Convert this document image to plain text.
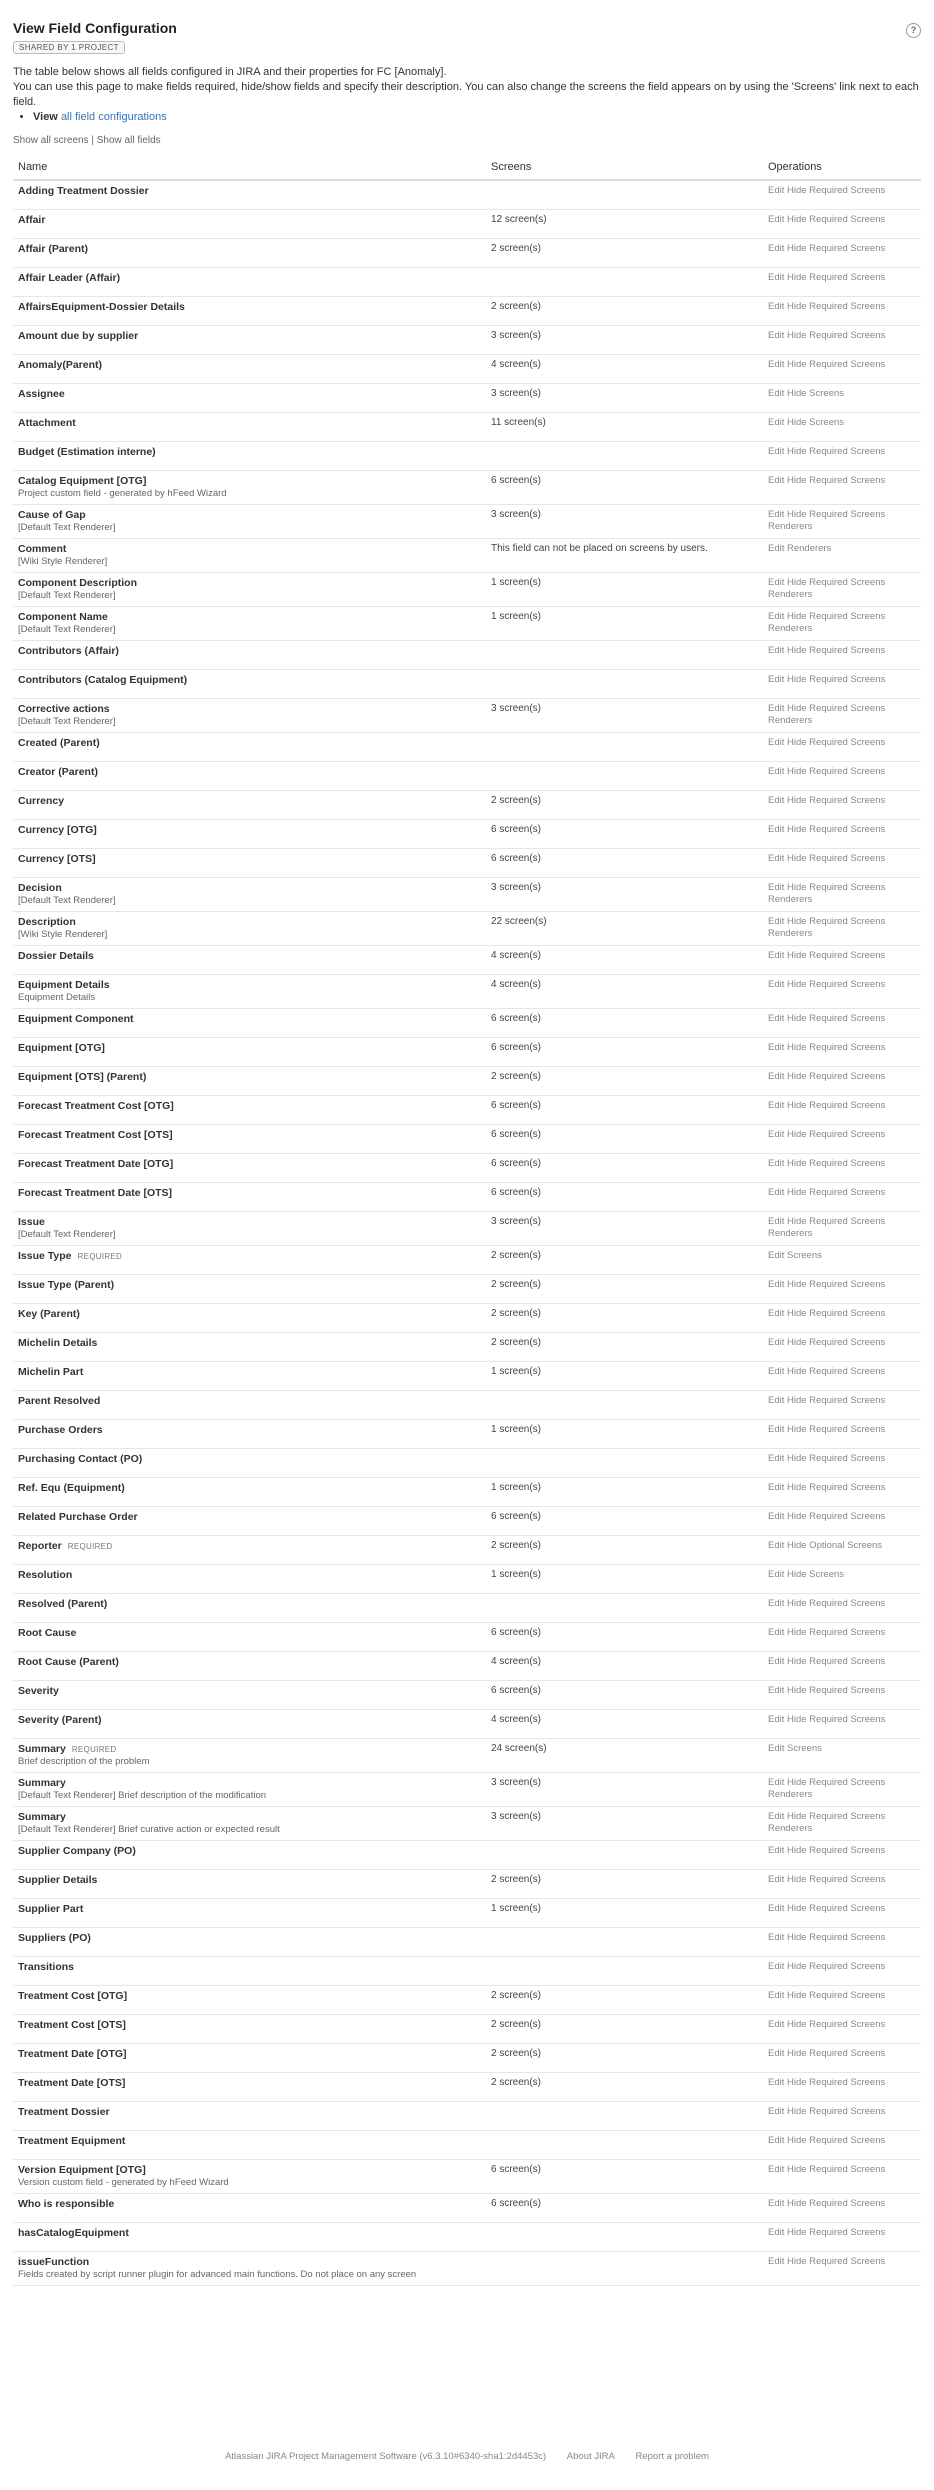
View Field Configuration	?
SHARED BY 1 PROJECT
The table below shows all fields configured in JIRA and their properties for FC [Anomaly].
You can use this page to make fields required, hide/show fields and specify their description. You can also change the screens the field appears on by using the 'Screens' link next to each field.
• View all field configurations
Show all screens | Show all fields
Name	Screens	Operations
Adding Treatment Dossier		Edit Hide Required Screens
Affair	12 screen(s)	Edit Hide Required Screens
Affair (Parent)	2 screen(s)	Edit Hide Required Screens
Affair Leader (Affair)		Edit Hide Required Screens
AffairsEquipment-Dossier Details	2 screen(s)	Edit Hide Required Screens
Amount due by supplier	3 screen(s)	Edit Hide Required Screens
Anomaly(Parent)	4 screen(s)	Edit Hide Required Screens
Assignee	3 screen(s)	Edit Hide Screens
Attachment	11 screen(s)	Edit Hide Screens
Budget (Estimation interne)		Edit Hide Required Screens
Catalog Equipment [OTG]
Project custom field - generated by hFeed Wizard	6 screen(s)	Edit Hide Required Screens
Cause of Gap
[Default Text Renderer]	3 screen(s)	Edit Hide Required Screens Renderers
Comment
[Wiki Style Renderer]	This field can not be placed on screens by users.	Edit Renderers
Component Description
[Default Text Renderer]	1 screen(s)	Edit Hide Required Screens Renderers
Component Name
[Default Text Renderer]	1 screen(s)	Edit Hide Required Screens Renderers
Contributors (Affair)		Edit Hide Required Screens
Contributors (Catalog Equipment)		Edit Hide Required Screens
Corrective actions
[Default Text Renderer]	3 screen(s)	Edit Hide Required Screens Renderers
Created (Parent)		Edit Hide Required Screens
Creator (Parent)		Edit Hide Required Screens
Currency	2 screen(s)	Edit Hide Required Screens
Currency [OTG]	6 screen(s)	Edit Hide Required Screens
Currency [OTS]	6 screen(s)	Edit Hide Required Screens
Decision
[Default Text Renderer]	3 screen(s)	Edit Hide Required Screens Renderers
Description
[Wiki Style Renderer]	22 screen(s)	Edit Hide Required Screens Renderers
Dossier Details	4 screen(s)	Edit Hide Required Screens
Equipment Details
Equipment Details	4 screen(s)	Edit Hide Required Screens
Equipment Component	6 screen(s)	Edit Hide Required Screens
Equipment [OTG]	6 screen(s)	Edit Hide Required Screens
Equipment [OTS] (Parent)	2 screen(s)	Edit Hide Required Screens
Forecast Treatment Cost [OTG]	6 screen(s)	Edit Hide Required Screens
Forecast Treatment Cost [OTS]	6 screen(s)	Edit Hide Required Screens
Forecast Treatment Date [OTG]	6 screen(s)	Edit Hide Required Screens
Forecast Treatment Date [OTS]	6 screen(s)	Edit Hide Required Screens
Issue
[Default Text Renderer]	3 screen(s)	Edit Hide Required Screens Renderers
Issue Type REQUIRED	2 screen(s)	Edit Screens
Issue Type (Parent)	2 screen(s)	Edit Hide Required Screens
Key (Parent)	2 screen(s)	Edit Hide Required Screens
Michelin Details	2 screen(s)	Edit Hide Required Screens
Michelin Part	1 screen(s)	Edit Hide Required Screens
Parent Resolved		Edit Hide Required Screens
Purchase Orders	1 screen(s)	Edit Hide Required Screens
Purchasing Contact (PO)		Edit Hide Required Screens
Ref. Equ (Equipment)	1 screen(s)	Edit Hide Required Screens
Related Purchase Order	6 screen(s)	Edit Hide Required Screens
Reporter REQUIRED	2 screen(s)	Edit Hide Optional Screens
Resolution	1 screen(s)	Edit Hide Screens
Resolved (Parent)		Edit Hide Required Screens
Root Cause	6 screen(s)	Edit Hide Required Screens
Root Cause (Parent)	4 screen(s)	Edit Hide Required Screens
Severity	6 screen(s)	Edit Hide Required Screens
Severity (Parent)	4 screen(s)	Edit Hide Required Screens
Summary REQUIRED
Brief description of the problem	24 screen(s)	Edit Screens
Summary
[Default Text Renderer] Brief description of the modification	3 screen(s)	Edit Hide Required Screens Renderers
Summary
[Default Text Renderer] Brief curative action or expected result	3 screen(s)	Edit Hide Required Screens Renderers
Supplier Company (PO)		Edit Hide Required Screens
Supplier Details	2 screen(s)	Edit Hide Required Screens
Supplier Part	1 screen(s)	Edit Hide Required Screens
Suppliers (PO)		Edit Hide Required Screens
Transitions		Edit Hide Required Screens
Treatment Cost [OTG]	2 screen(s)	Edit Hide Required Screens
Treatment Cost [OTS]	2 screen(s)	Edit Hide Required Screens
Treatment Date [OTG]	2 screen(s)	Edit Hide Required Screens
Treatment Date [OTS]	2 screen(s)	Edit Hide Required Screens
Treatment Dossier		Edit Hide Required Screens
Treatment Equipment		Edit Hide Required Screens
Version Equipment [OTG]
Version custom field - generated by hFeed Wizard	6 screen(s)	Edit Hide Required Screens
Who is responsible	6 screen(s)	Edit Hide Required Screens
hasCatalogEquipment		Edit Hide Required Screens
issueFunction
Fields created by script runner plugin for advanced main functions. Do not place on any screen		Edit Hide Required Screens
Atlassian JIRA Project Management Software (v6.3.10#6340-sha1:2d4453c) About JIRA Report a problem
